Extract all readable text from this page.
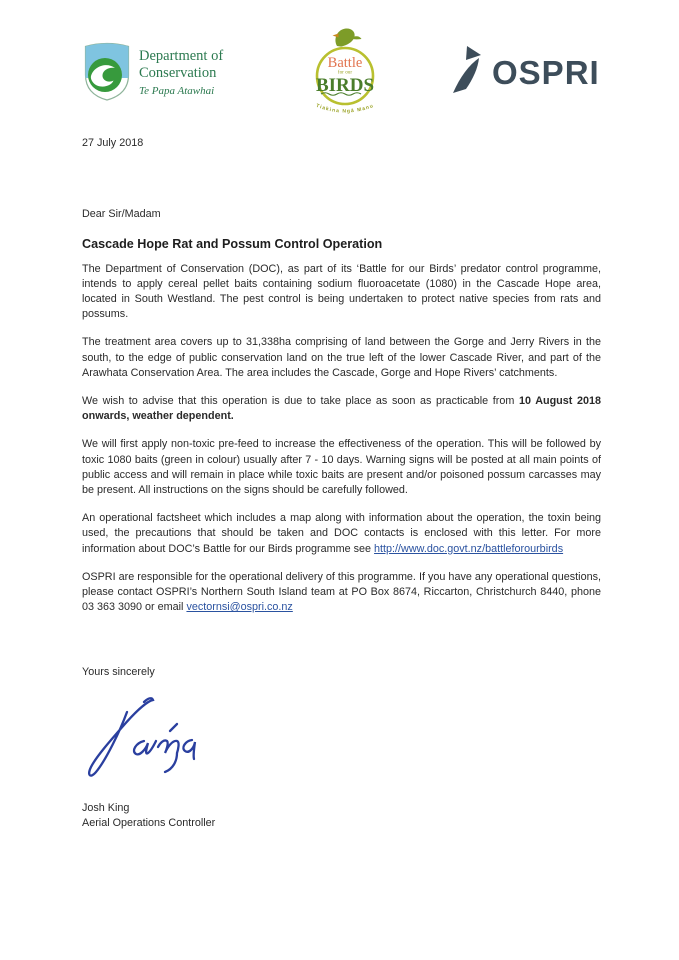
Department of
Conservation
Te Papa Atawhai
Battle
for our
BIRDS
Tiakina Ngā Manu
OSPRI
27 July 2018
Dear Sir/Madam
Cascade Hope Rat and Possum Control Operation

The Department of Conservation (DOC), as part of its ‘Battle for our Birds’ predator control programme, intends to apply cereal pellet baits containing sodium fluoroacetate (1080) in the Cascade Hope area, located in South Westland. The pest control is being undertaken to protect native species from rats and possums.

The treatment area covers up to 31,338ha comprising of land between the Gorge and Jerry Rivers in the south, to the edge of public conservation land on the true left of the lower Cascade River, and part of the Arawhata Conservation Area. The area includes the Cascade, Gorge and Hope Rivers’ catchments.

We wish to advise that this operation is due to take place as soon as practicable from 10 August 2018 onwards, weather dependent.

We will first apply non-toxic pre-feed to increase the effectiveness of the operation. This will be followed by toxic 1080 baits (green in colour) usually after 7 - 10 days. Warning signs will be posted at all main points of public access and will remain in place while toxic baits are present and/or poisoned possum carcasses may be present. All instructions on the signs should be carefully followed.

An operational factsheet which includes a map along with information about the operation, the toxin being used, the precautions that should be taken and DOC contacts is enclosed with this letter. For more information about DOC’s Battle for our Birds programme see http://www.doc.govt.nz/battleforourbirds

OSPRI are responsible for the operational delivery of this programme. If you have any operational questions, please contact OSPRI’s Northern South Island team at PO Box 8674, Riccarton, Christchurch 8440, phone 03 363 3090 or email vectornsi@ospri.co.nz

Yours sincerely
Josh King
Aerial Operations Controller
